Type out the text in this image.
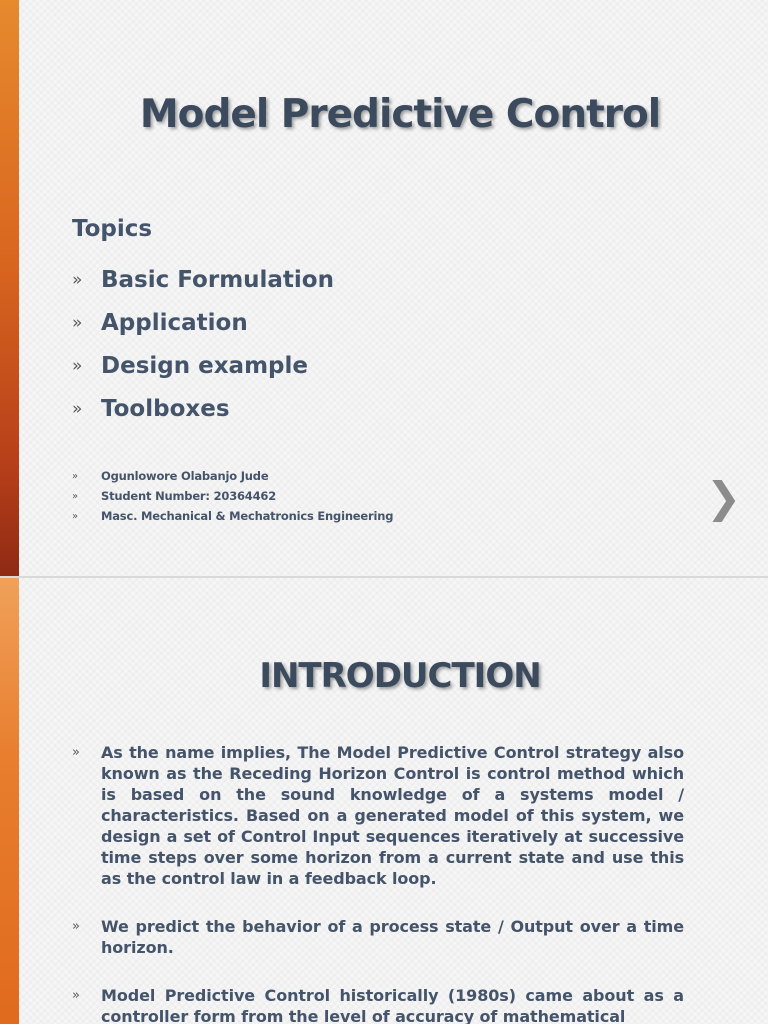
Model Predictive Control
Topics
» Basic Formulation
» Application
» Design example
» Toolboxes
»	Ogunlowore Olabanjo Jude
»	Student Number: 20364462
»	Masc. Mechanical & Mechatronics Engineering	❯
INTRODUCTION
»	As the name implies, The Model Predictive Control strategy also known as the Receding Horizon Control is control method which is based on the sound knowledge of a systems model / characteristics. Based on a generated model of this system, we design a set of Control Input sequences iteratively at successive time steps over some horizon from a current state and use this as the control law in a feedback loop.
»	We predict the behavior of a process state / Output over a time horizon.
»	Model Predictive Control historically (1980s) came about as a controller form from the level of accuracy of mathematical
